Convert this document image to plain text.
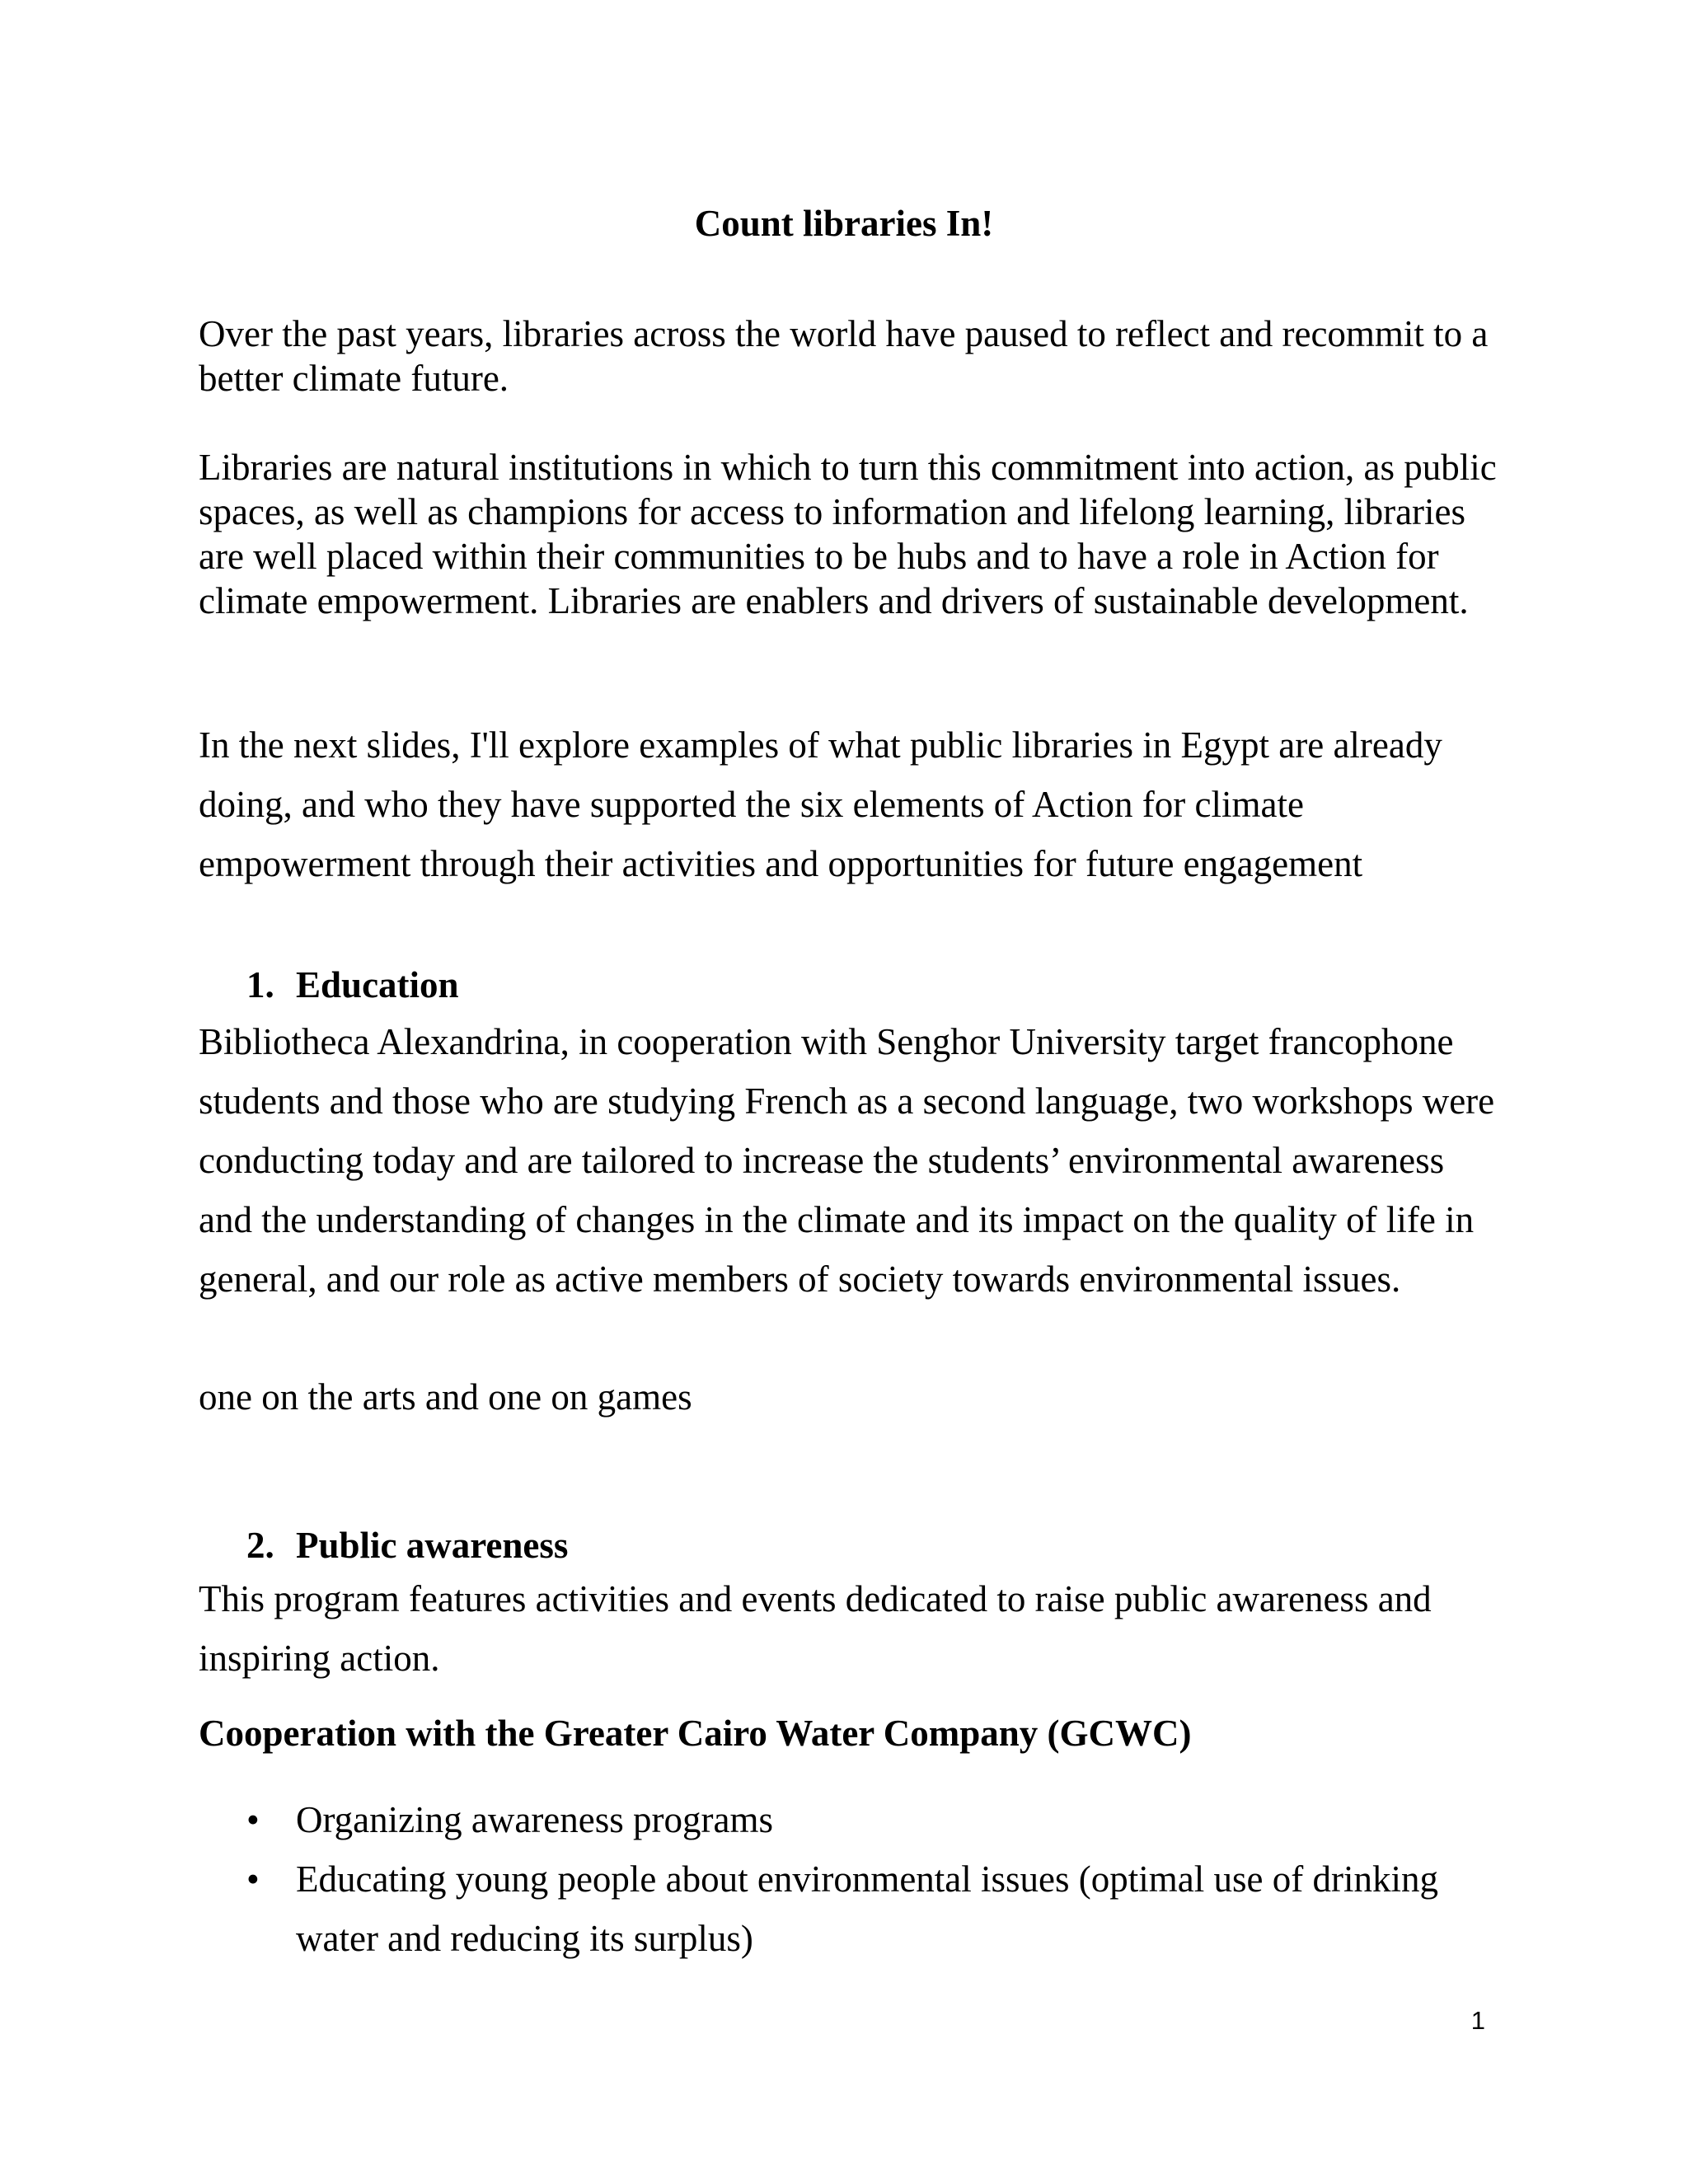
Count libraries In!

Over the past years, libraries across the world have paused to reflect and recommit to a better climate future.

Libraries are natural institutions in which to turn this commitment into action, as public spaces, as well as champions for access to information and lifelong learning, libraries are well placed within their communities to be hubs and to have a role in Action for climate empowerment. Libraries are enablers and drivers of sustainable development.

In the next slides, I'll explore examples of what public libraries in Egypt are already doing, and who they have supported the six elements of Action for climate empowerment through their activities and opportunities for future engagement

1. Education

Bibliotheca Alexandrina, in cooperation with Senghor University target francophone students and those who are studying French as a second language, two workshops were conducting today and are tailored to increase the students’ environmental awareness and the understanding of changes in the climate and its impact on the quality of life in general, and our role as active members of society towards environmental issues.

one on the arts and one on games

2. Public awareness

This program features activities and events dedicated to raise public awareness and inspiring action.

Cooperation with the Greater Cairo Water Company (GCWC)
• Organizing awareness programs
• Educating young people about environmental issues (optimal use of drinking water and reducing its surplus)
1
